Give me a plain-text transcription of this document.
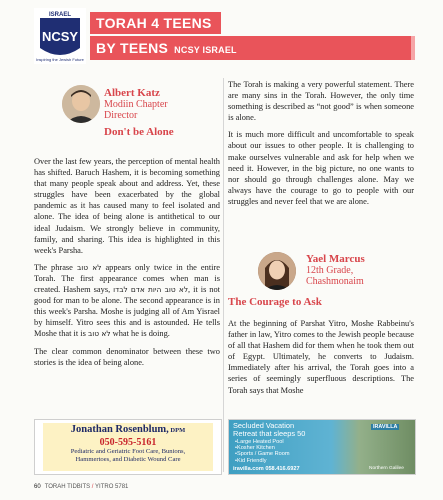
ISRAEL
NCSY
Inspiring the Jewish Future
TORAH 4 TEENS
BY TEENS NCSY ISRAEL
Albert Katz
Modiin Chapter
Director
Don't be Alone

Over the last few years, the perception of mental health has shifted. Baruch Hashem, it is becoming something that many people speak about and address. Yet, these struggles have been exacerbated by the global pandemic as it has caused many to feel isolated and alone. The idea of being alone is antithetical to our ideal Judaism. We strongly believe in community, family, and sharing. This idea is highlighted in this week's Parsha.

The phrase לא טוב appears only twice in the entire Torah. The first appearance comes when man is created. Hashem says, לא טוב היות אדם לבדו, it is not good for man to be alone. The second appearance is in this week's Parsha. Moshe is judging all of Am Yisrael by himself. Yitro sees this and is astounded. He tells Moshe that it is לא טוב what he is doing.

The clear common denominator between these two stories is the idea of being alone.

The Torah is making a very powerful statement. There are many sins in the Torah. However, the only time something is described as “not good” is when someone is alone.

It is much more difficult and uncomfortable to speak about our issues to other people. It is challenging to make ourselves vulnerable and ask for help when we need it. However, in the big picture, no one wants to nor should go through challenges alone. May we always have the courage to go to people with our struggles and never feel that we are alone.

Yael Marcus
12th Grade,
Chashmonaim
The Courage to Ask

At the beginning of Parshat Yitro, Moshe Rabbeinu's father in law, Yitro comes to the Jewish people because of all that Hashem did for them when he took them out of Egypt. Ultimately, he converts to Judaism. Immediately after his arrival, the Torah goes into a series of seemingly superfluous descriptions. The Torah says that Moshe

Jonathan Rosenblum, DPM
050-595-5161
Pediatric and Geriatric Foot Care, Bunions,
Hammertoes, and Diabetic Wound Care
Secluded Vacation
Retreat that sleeps 50
• Large Heated Pool
• Kosher Kitchen
• Sports / Game Room
• Kid Friendly
iravilla.com 058.416.6927
IRAVILLA
Northern Galilee
60 TORAH TIDBITS / YITRO 5781
